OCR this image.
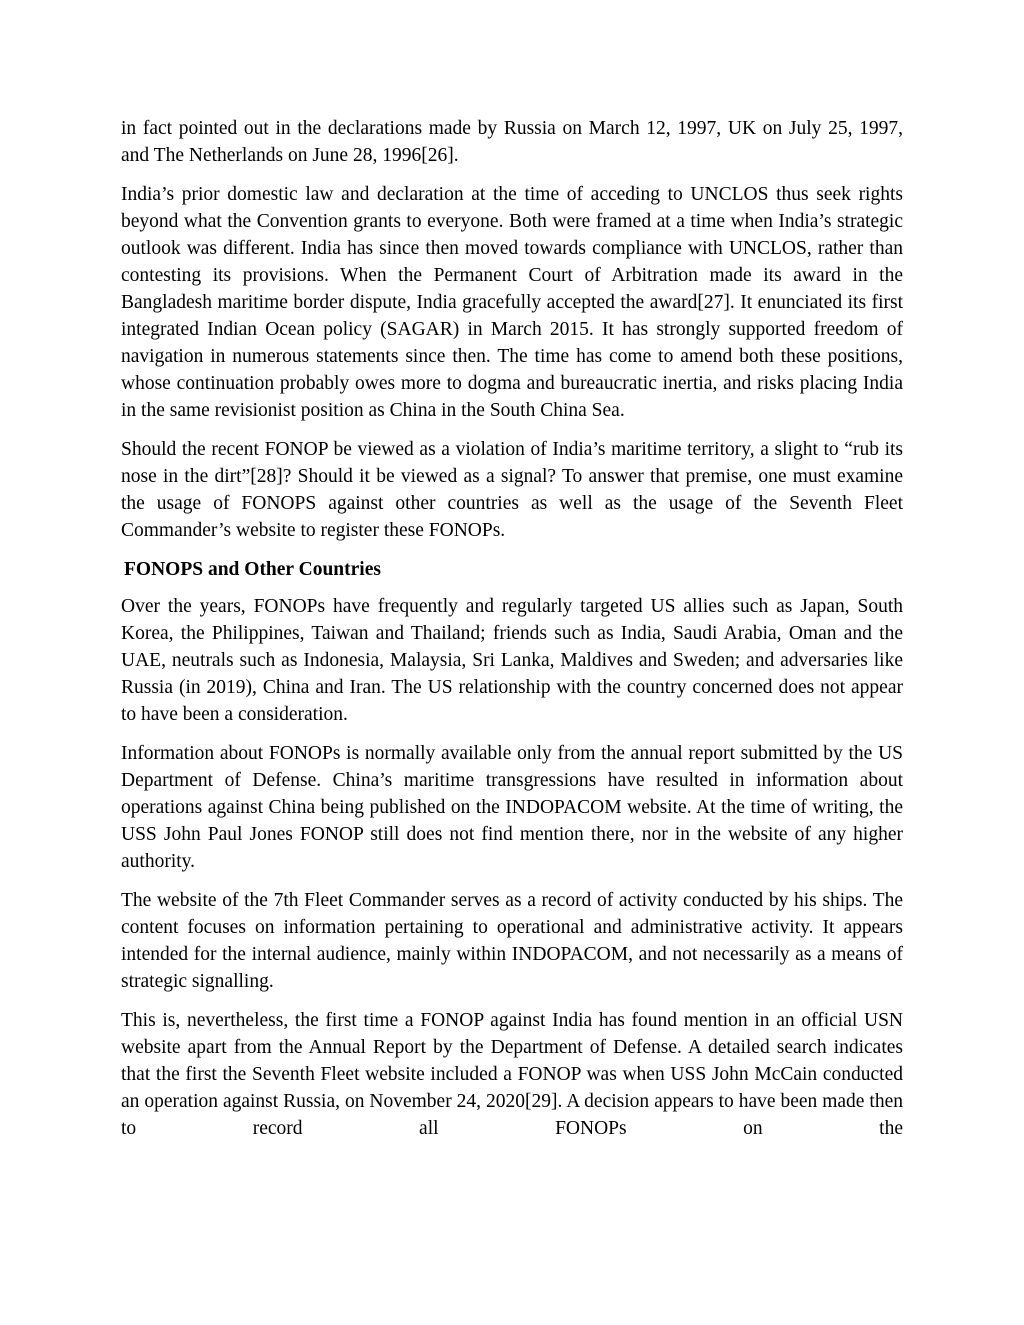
in fact pointed out in the declarations made by Russia on March 12, 1997, UK on July 25, 1997, and The Netherlands on June 28, 1996[26].

India’s prior domestic law and declaration at the time of acceding to UNCLOS thus seek rights beyond what the Convention grants to everyone. Both were framed at a time when India’s strategic outlook was different. India has since then moved towards compliance with UNCLOS, rather than contesting its provisions. When the Permanent Court of Arbitration made its award in the Bangladesh maritime border dispute, India gracefully accepted the award[27]. It enunciated its first integrated Indian Ocean policy (SAGAR) in March 2015. It has strongly supported freedom of navigation in numerous statements since then. The time has come to amend both these positions, whose continuation probably owes more to dogma and bureaucratic inertia, and risks placing India in the same revisionist position as China in the South China Sea.

Should the recent FONOP be viewed as a violation of India’s maritime territory, a slight to “rub its nose in the dirt”[28]? Should it be viewed as a signal? To answer that premise, one must examine the usage of FONOPS against other countries as well as the usage of the Seventh Fleet Commander’s website to register these FONOPs.

FONOPS and Other Countries

Over the years, FONOPs have frequently and regularly targeted US allies such as Japan, South Korea, the Philippines, Taiwan and Thailand; friends such as India, Saudi Arabia, Oman and the UAE, neutrals such as Indonesia, Malaysia, Sri Lanka, Maldives and Sweden; and adversaries like Russia (in 2019), China and Iran. The US relationship with the country concerned does not appear to have been a consideration.

Information about FONOPs is normally available only from the annual report submitted by the US Department of Defense. China’s maritime transgressions have resulted in information about operations against China being published on the INDOPACOM website. At the time of writing, the USS John Paul Jones FONOP still does not find mention there, nor in the website of any higher authority.

The website of the 7th Fleet Commander serves as a record of activity conducted by his ships. The content focuses on information pertaining to operational and administrative activity. It appears intended for the internal audience, mainly within INDOPACOM, and not necessarily as a means of strategic signalling.

This is, nevertheless, the first time a FONOP against India has found mention in an official USN website apart from the Annual Report by the Department of Defense. A detailed search indicates that the first the Seventh Fleet website included a FONOP was when USS John McCain conducted an operation against Russia, on November 24, 2020[29]. A decision appears to have been made then to record all FONOPs on the
